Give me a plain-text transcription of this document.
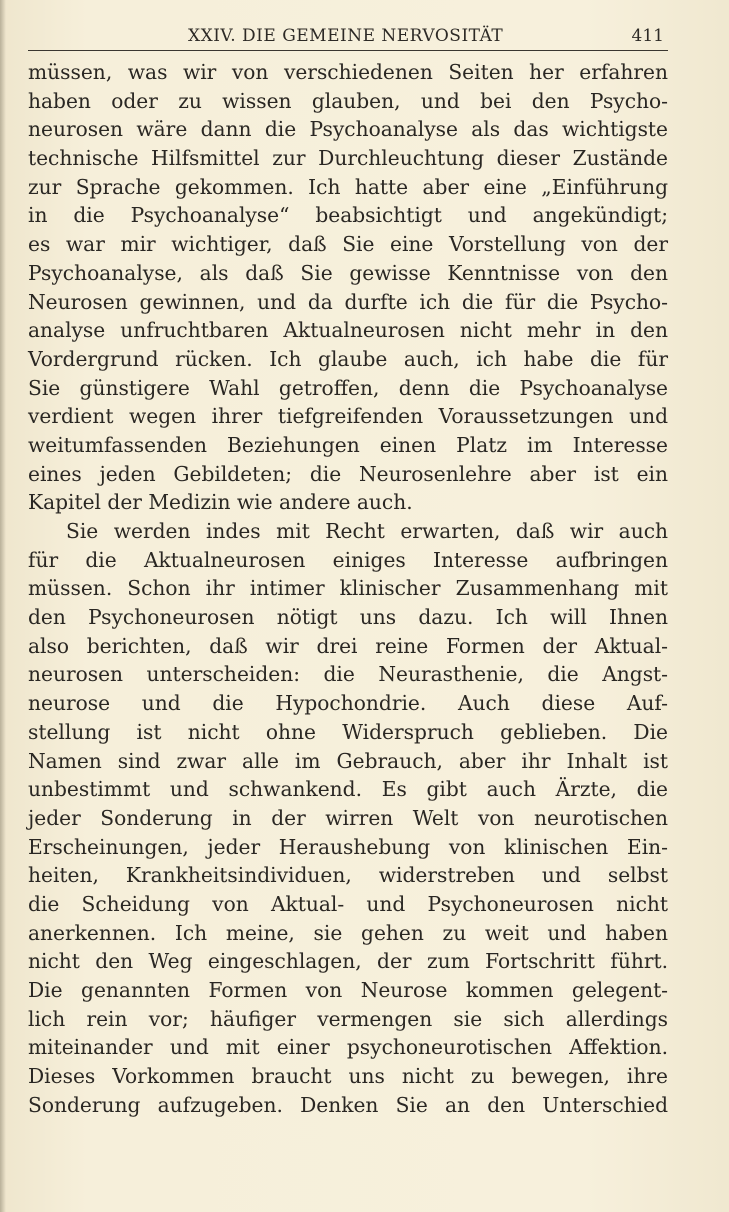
XXIV. DIE GEMEINE NERVOSITÄT	411
müssen, was wir von verschiedenen Seiten her erfahren
haben oder zu wissen glauben, und bei den Psycho-
neurosen wäre dann die Psychoanalyse als das wichtigste
technische Hilfsmittel zur Durchleuchtung dieser Zustände
zur Sprache gekommen. Ich hatte aber eine „Einführung
in die Psychoanalyse“ beabsichtigt und angekündigt;
es war mir wichtiger, daß Sie eine Vorstellung von der
Psychoanalyse, als daß Sie gewisse Kenntnisse von den
Neurosen gewinnen, und da durfte ich die für die Psycho-
analyse unfruchtbaren Aktualneurosen nicht mehr in den
Vordergrund rücken. Ich glaube auch, ich habe die für
Sie günstigere Wahl getroffen, denn die Psychoanalyse
verdient wegen ihrer tiefgreifenden Voraussetzungen und
weitumfassenden Beziehungen einen Platz im Interesse
eines jeden Gebildeten; die Neurosenlehre aber ist ein
Kapitel der Medizin wie andere auch.
Sie werden indes mit Recht erwarten, daß wir auch
für die Aktualneurosen einiges Interesse aufbringen
müssen. Schon ihr intimer klinischer Zusammenhang mit
den Psychoneurosen nötigt uns dazu. Ich will Ihnen
also berichten, daß wir drei reine Formen der Aktual-
neurosen unterscheiden: die Neurasthenie, die Angst-
neurose und die Hypochondrie. Auch diese Auf-
stellung ist nicht ohne Widerspruch geblieben. Die
Namen sind zwar alle im Gebrauch, aber ihr Inhalt ist
unbestimmt und schwankend. Es gibt auch Ärzte, die
jeder Sonderung in der wirren Welt von neurotischen
Erscheinungen, jeder Heraushebung von klinischen Ein-
heiten, Krankheitsindividuen, widerstreben und selbst
die Scheidung von Aktual- und Psychoneurosen nicht
anerkennen. Ich meine, sie gehen zu weit und haben
nicht den Weg eingeschlagen, der zum Fortschritt führt.
Die genannten Formen von Neurose kommen gelegent-
lich rein vor; häufiger vermengen sie sich allerdings
miteinander und mit einer psychoneurotischen Affektion.
Dieses Vorkommen braucht uns nicht zu bewegen, ihre
Sonderung aufzugeben. Denken Sie an den Unterschied
